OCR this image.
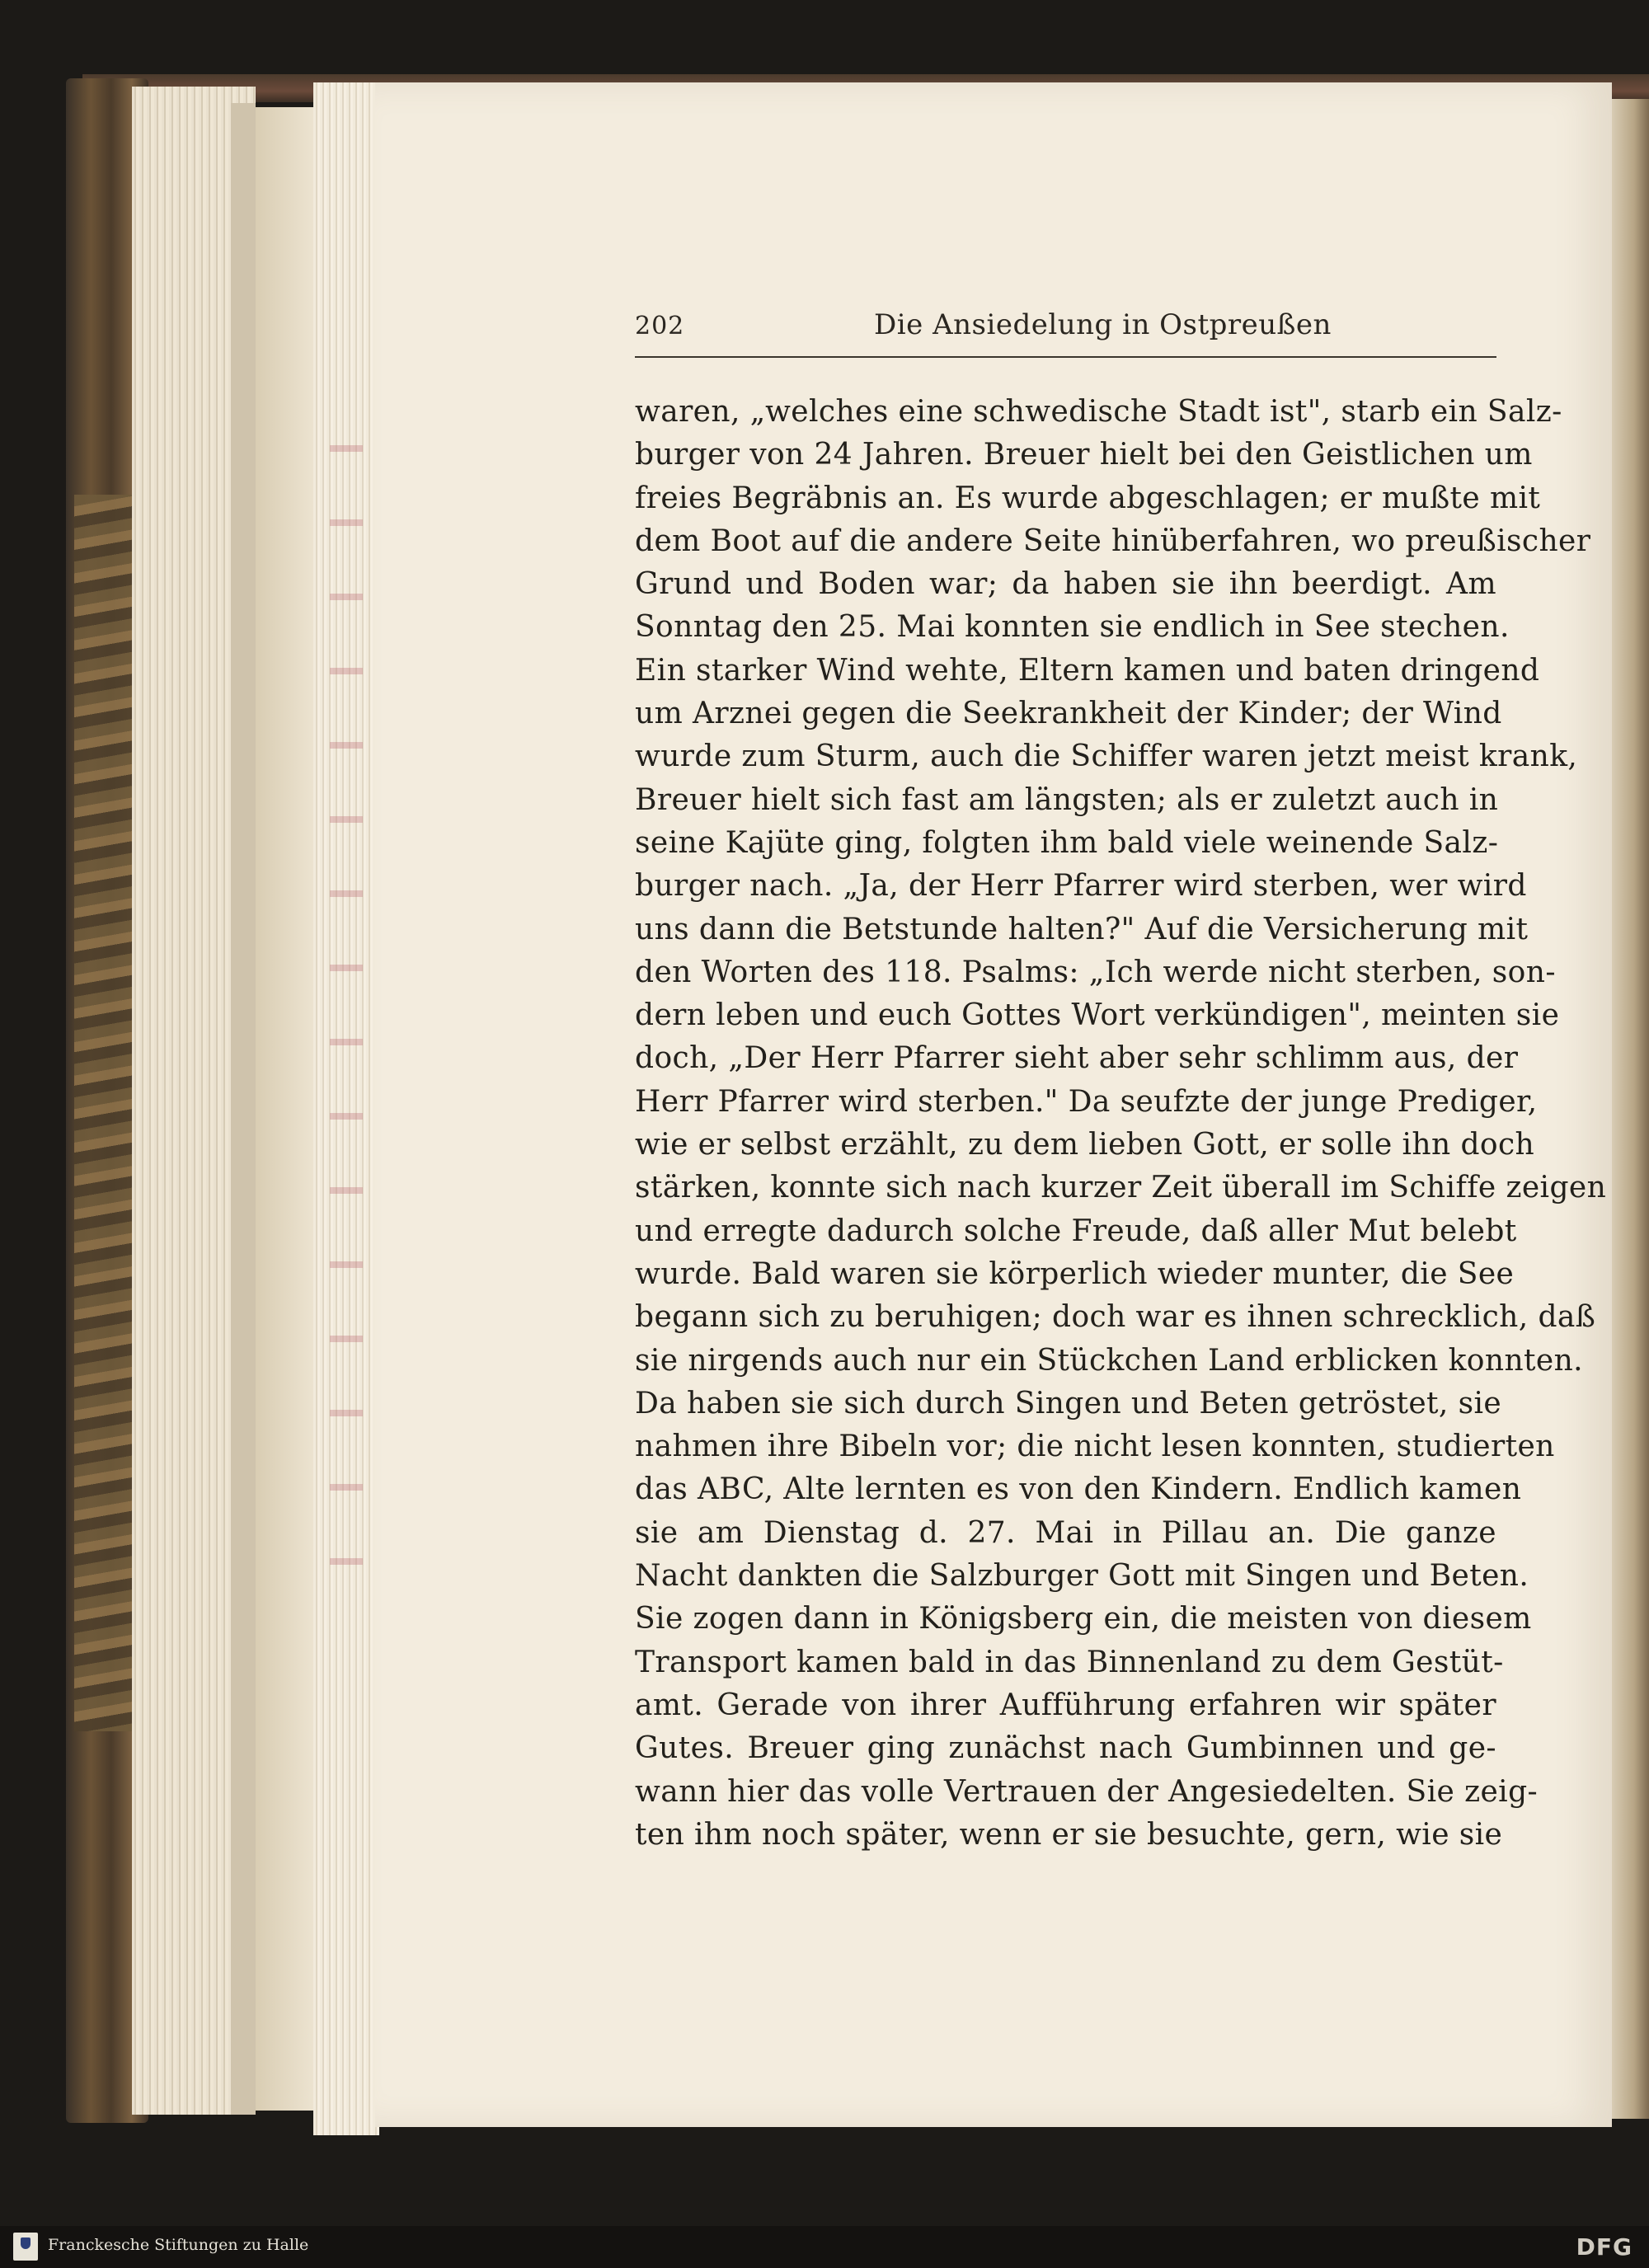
202	Die Ansiedelung in Ostpreußen
waren, „welches eine schwedische Stadt ist", starb ein Salz-
burger von 24 Jahren. Breuer hielt bei den Geistlichen um
freies Begräbnis an. Es wurde abgeschlagen; er mußte mit
dem Boot auf die andere Seite hinüberfahren, wo preußischer
Grund und Boden war; da haben sie ihn beerdigt. Am
Sonntag den 25. Mai konnten sie endlich in See stechen.
Ein starker Wind wehte, Eltern kamen und baten dringend
um Arznei gegen die Seekrankheit der Kinder; der Wind
wurde zum Sturm, auch die Schiffer waren jetzt meist krank,
Breuer hielt sich fast am längsten; als er zuletzt auch in
seine Kajüte ging, folgten ihm bald viele weinende Salz-
burger nach. „Ja, der Herr Pfarrer wird sterben, wer wird
uns dann die Betstunde halten?" Auf die Versicherung mit
den Worten des 118. Psalms: „Ich werde nicht sterben, son-
dern leben und euch Gottes Wort verkündigen", meinten sie
doch, „Der Herr Pfarrer sieht aber sehr schlimm aus, der
Herr Pfarrer wird sterben." Da seufzte der junge Prediger,
wie er selbst erzählt, zu dem lieben Gott, er solle ihn doch
stärken, konnte sich nach kurzer Zeit überall im Schiffe zeigen
und erregte dadurch solche Freude, daß aller Mut belebt
wurde. Bald waren sie körperlich wieder munter, die See
begann sich zu beruhigen; doch war es ihnen schrecklich, daß
sie nirgends auch nur ein Stückchen Land erblicken konnten.
Da haben sie sich durch Singen und Beten getröstet, sie
nahmen ihre Bibeln vor; die nicht lesen konnten, studierten
das ABC, Alte lernten es von den Kindern. Endlich kamen
sie am Dienstag d. 27. Mai in Pillau an. Die ganze
Nacht dankten die Salzburger Gott mit Singen und Beten.
Sie zogen dann in Königsberg ein, die meisten von diesem
Transport kamen bald in das Binnenland zu dem Gestüt-
amt. Gerade von ihrer Aufführung erfahren wir später
Gutes. Breuer ging zunächst nach Gumbinnen und ge-
wann hier das volle Vertrauen der Angesiedelten. Sie zeig-
ten ihm noch später, wenn er sie besuchte, gern, wie sie
Franckesche Stiftungen zu Halle	DFG
